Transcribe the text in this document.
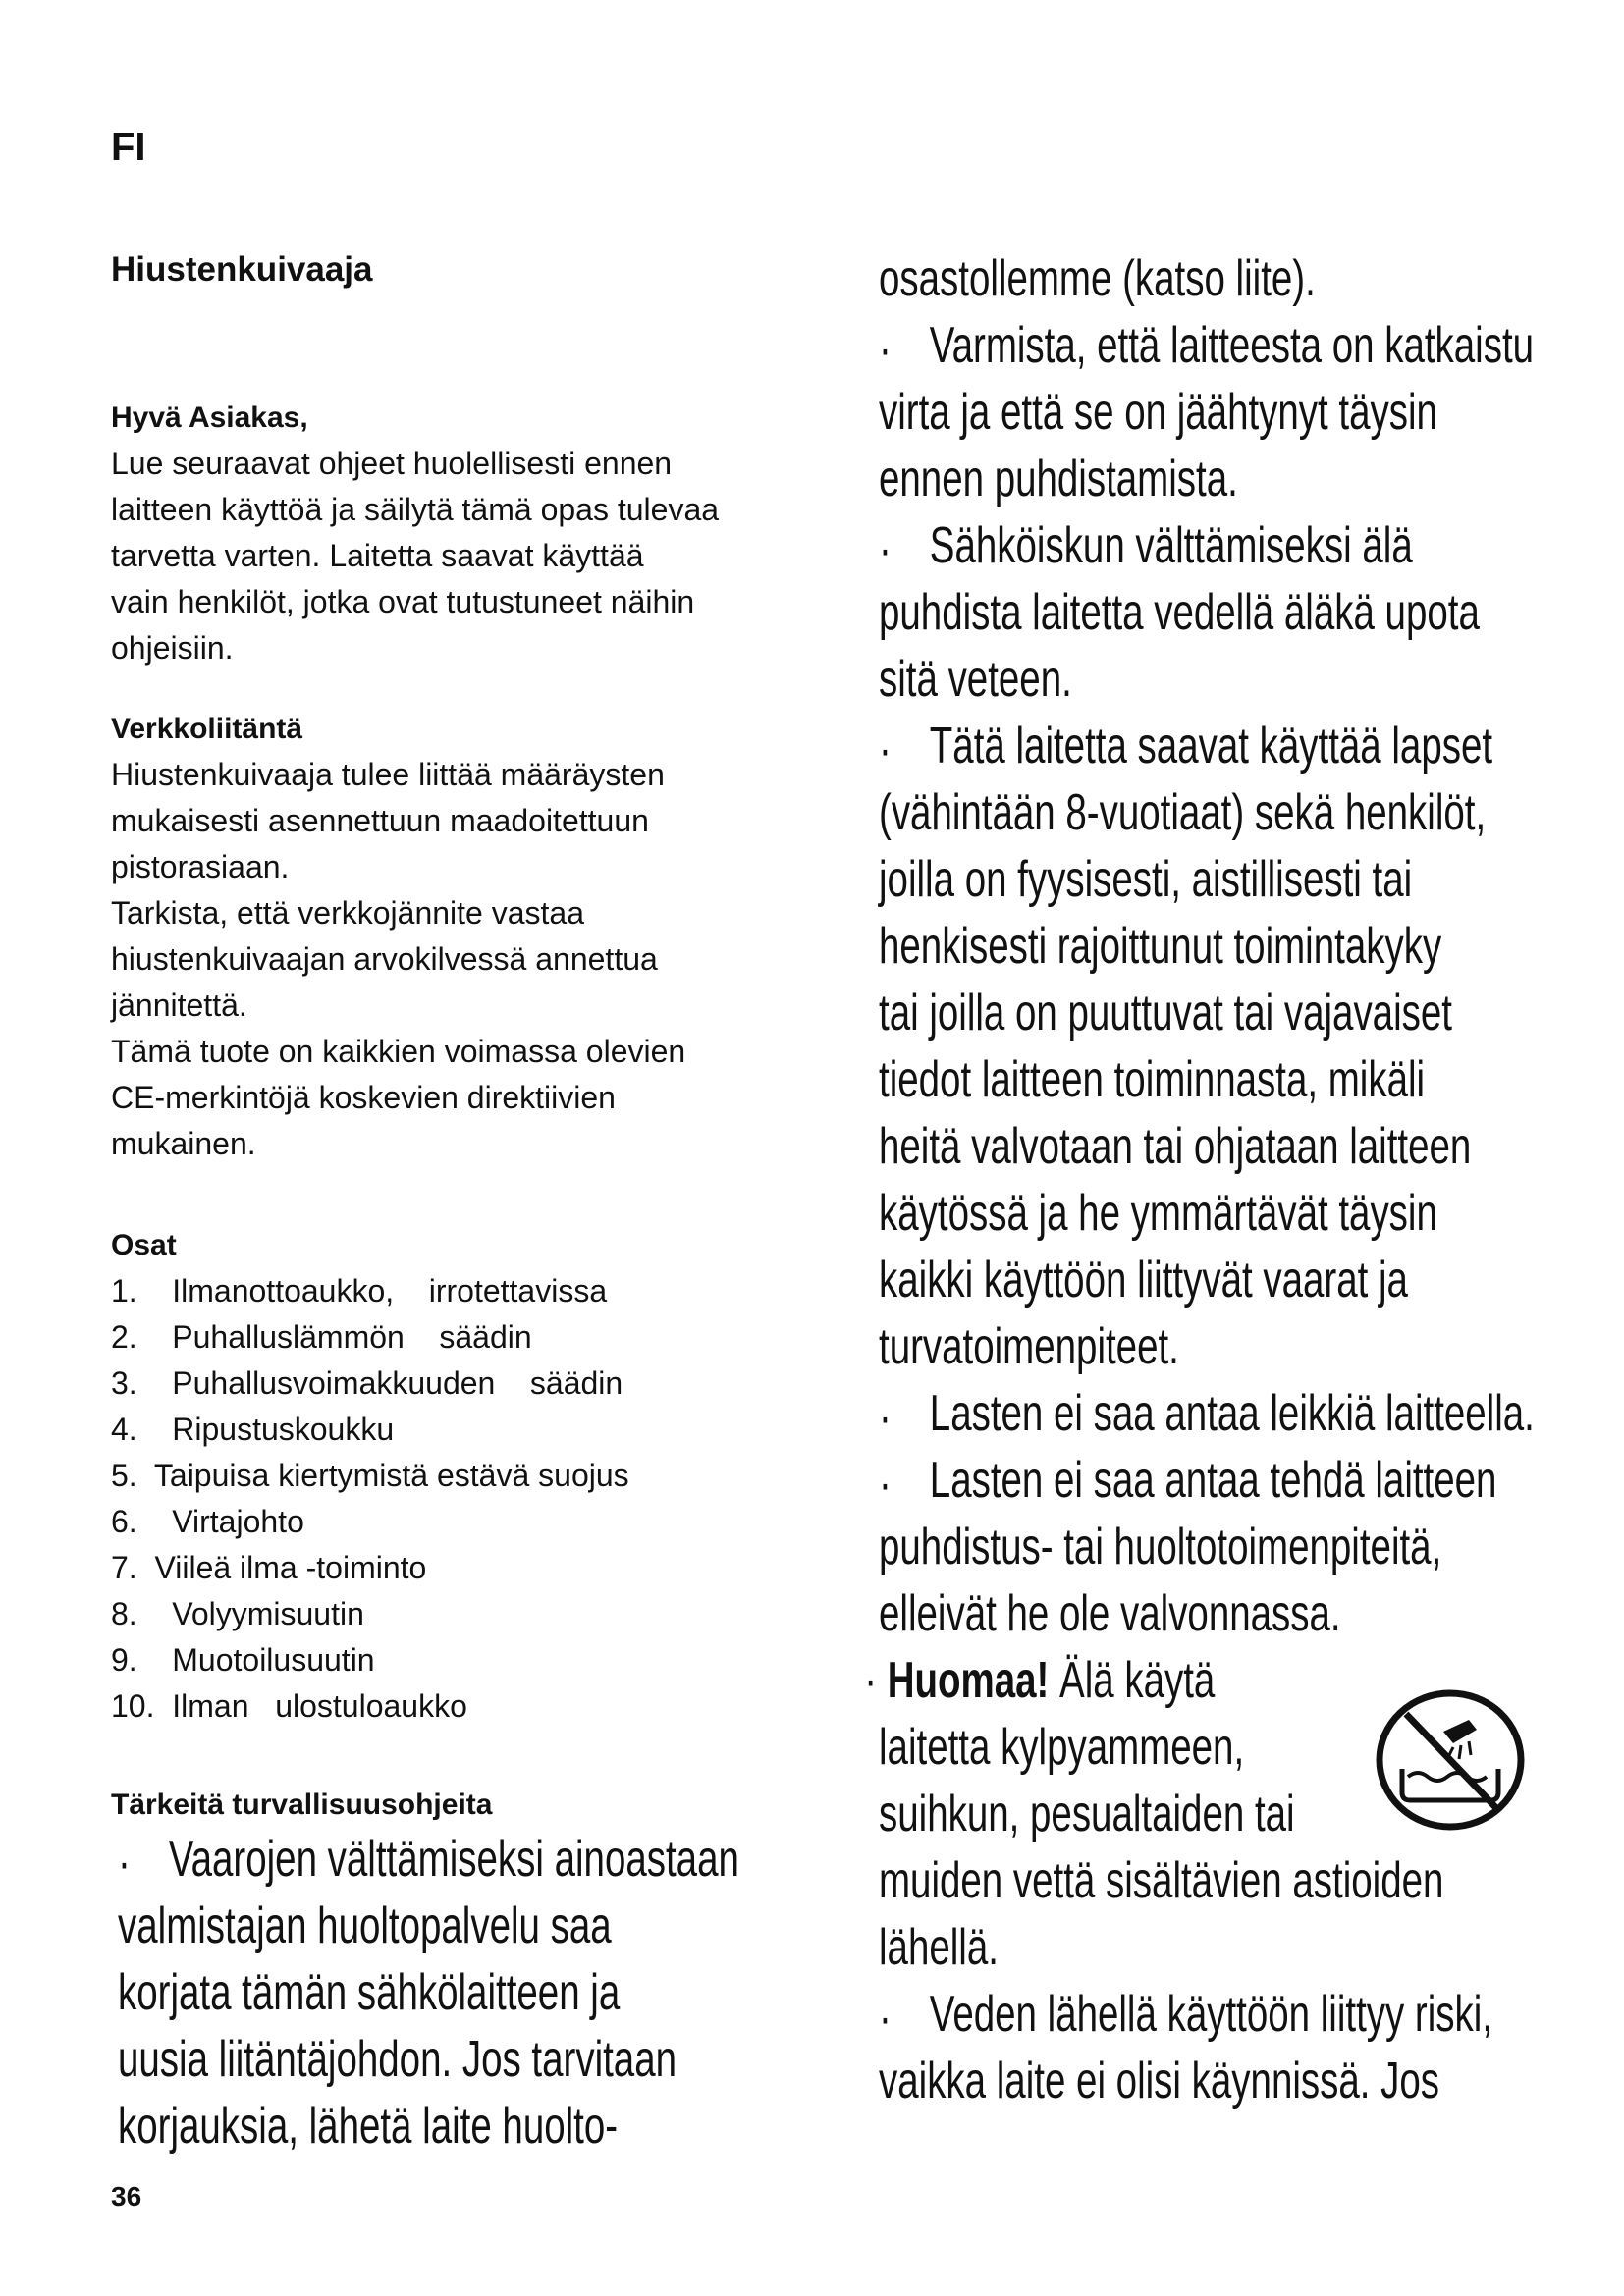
FI
Hiustenkuivaaja
Hyvä Asiakas,
Lue seuraavat ohjeet huolellisesti ennen
laitteen käyttöä ja säilytä tämä opas tulevaa
tarvetta varten. Laitetta saavat käyttää
vain henkilöt, jotka ovat tutustuneet näihin
ohjeisiin.
Verkkoliitäntä
Hiustenkuivaaja tulee liittää määräysten
mukaisesti asennettuun maadoitettuun
pistorasiaan.
Tarkista, että verkkojännite vastaa
hiustenkuivaajan arvokilvessä annettua
jännitettä.
Tämä tuote on kaikkien voimassa olevien
CE-merkintöjä koskevien direktiivien
mukainen.
Osat
1.    Ilmanottoaukko,    irrotettavissa
2.    Puhalluslämmön    säädin
3.    Puhallusvoimakkuuden    säädin
4.    Ripustuskoukku
5.  Taipuisa kiertymistä estävä suojus
6.    Virtajohto
7.  Viileä ilma -toiminto
8.    Volyymisuutin
9.    Muotoilusuutin
10.  Ilman   ulostuloaukko
Tärkeitä turvallisuusohjeita
· Vaarojen välttämiseksi ainoastaan
valmistajan huoltopalvelu saa
korjata tämän sähkölaitteen ja
uusia liitäntäjohdon. Jos tarvitaan
korjauksia, lähetä laite huolto-
osastollemme (katso liite).
· Varmista, että laitteesta on katkaistu
virta ja että se on jäähtynyt täysin
ennen puhdistamista.
· Sähköiskun välttämiseksi älä
puhdista laitetta vedellä äläkä upota
sitä veteen.
· Tätä laitetta saavat käyttää lapset
(vähintään 8-vuotiaat) sekä henkilöt,
joilla on fyysisesti, aistillisesti tai
henkisesti rajoittunut toimintakyky
tai joilla on puuttuvat tai vajavaiset
tiedot laitteen toiminnasta, mikäli
heitä valvotaan tai ohjataan laitteen
käytössä ja he ymmärtävät täysin
kaikki käyttöön liittyvät vaarat ja
turvatoimenpiteet.
· Lasten ei saa antaa leikkiä laitteella.
· Lasten ei saa antaa tehdä laitteen
puhdistus- tai huoltotoimenpiteitä,
elleivät he ole valvonnassa.
· Huomaa! Älä käytä
laitetta kylpyammeen,
suihkun, pesualtaiden tai
muiden vettä sisältävien astioiden
lähellä.
· Veden lähellä käyttöön liittyy riski,
vaikka laite ei olisi käynnissä. Jos
36
